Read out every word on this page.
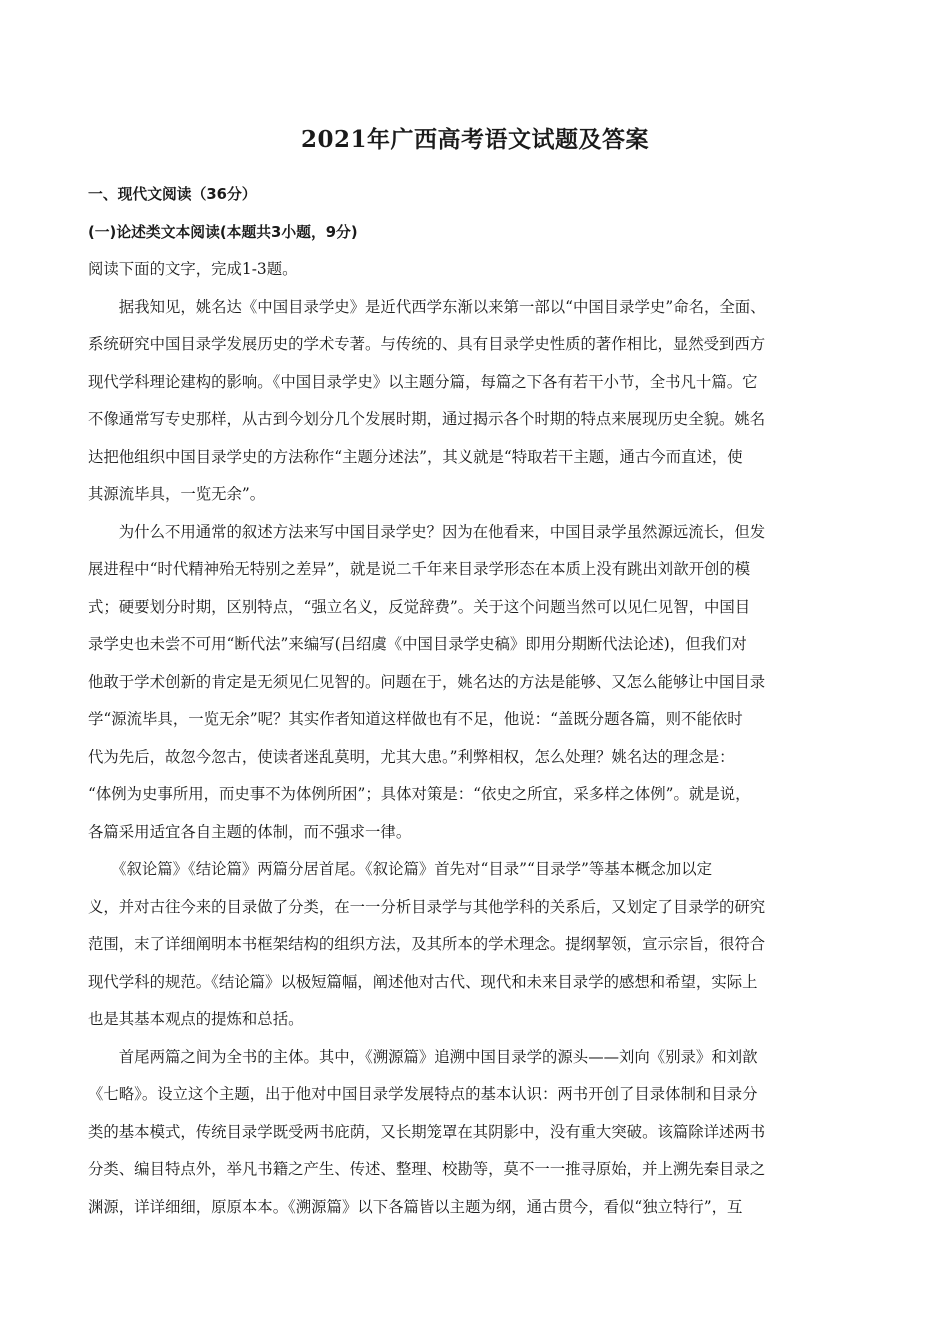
2021年广西高考语文试题及答案
一、现代文阅读（36分）
(一)论述类文本阅读(本题共3小题，9分)
阅读下面的文字，完成1-3题。
　　据我知见，姚名达《中国目录学史》是近代西学东渐以来第一部以“中国目录学史”命名，全面、
系统研究中国目录学发展历史的学术专著。与传统的、具有目录学史性质的著作相比，显然受到西方
现代学科理论建构的影响。《中国目录学史》以主题分篇，每篇之下各有若干小节，全书凡十篇。它
不像通常写专史那样，从古到今划分几个发展时期，通过揭示各个时期的特点来展现历史全貌。姚名
达把他组织中国目录学史的方法称作“主题分述法”，其义就是“特取若干主题，通古今而直述，使
其源流毕具，一览无余”。
　　为什么不用通常的叙述方法来写中国目录学史？因为在他看来，中国目录学虽然源远流长，但发
展进程中“时代精神殆无特别之差异”，就是说二千年来目录学形态在本质上没有跳出刘歆开创的模
式；硬要划分时期，区别特点，“强立名义，反觉辞费”。关于这个问题当然可以见仁见智，中国目
录学史也未尝不可用“断代法”来编写(吕绍虞《中国目录学史稿》即用分期断代法论述)，但我们对
他敢于学术创新的肯定是无须见仁见智的。问题在于，姚名达的方法是能够、又怎么能够让中国目录
学“源流毕具，一览无余”呢？其实作者知道这样做也有不足，他说：“盖既分题各篇，则不能依时
代为先后，故忽今忽古，使读者迷乱莫明，尤其大患。”利弊相权，怎么处理？姚名达的理念是：
“体例为史事所用，而史事不为体例所困”；具体对策是：“依史之所宜，采多样之体例”。就是说，
各篇采用适宜各自主题的体制，而不强求一律。
　　《叙论篇》《结论篇》两篇分居首尾。《叙论篇》首先对“目录”“目录学”等基本概念加以定
义，并对古往今来的目录做了分类，在一一分析目录学与其他学科的关系后，又划定了目录学的研究
范围，末了详细阐明本书框架结构的组织方法，及其所本的学术理念。提纲挈领，宣示宗旨，很符合
现代学科的规范。《结论篇》以极短篇幅，阐述他对古代、现代和未来目录学的感想和希望，实际上
也是其基本观点的提炼和总括。
　　首尾两篇之间为全书的主体。其中，《溯源篇》追溯中国目录学的源头——刘向《别录》和刘歆
《七略》。设立这个主题，出于他对中国目录学发展特点的基本认识：两书开创了目录体制和目录分
类的基本模式，传统目录学既受两书庇荫，又长期笼罩在其阴影中，没有重大突破。该篇除详述两书
分类、编目特点外，举凡书籍之产生、传述、整理、校勘等，莫不一一推寻原始，并上溯先秦目录之
渊源，详详细细，原原本本。《溯源篇》以下各篇皆以主题为纲，通古贯今，看似“独立特行”，互
